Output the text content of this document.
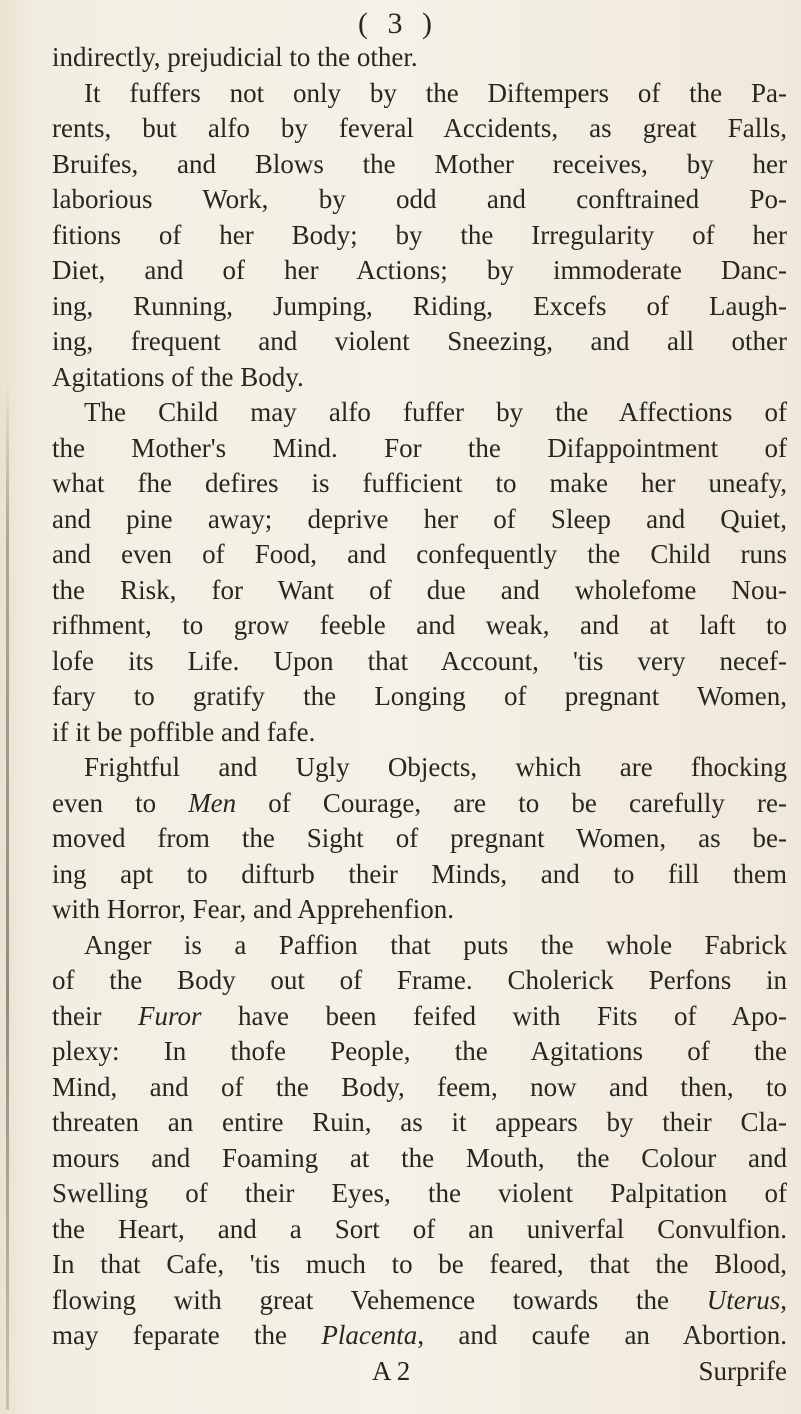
( 3 )
indirectly, prejudicial to the other.
It fuffers not only by the Diftempers of the Pa-
rents, but alfo by feveral Accidents, as great Falls,
Bruifes, and Blows the Mother receives, by her
laborious Work, by odd and conftrained Po-
fitions of her Body; by the Irregularity of her
Diet, and of her Actions; by immoderate Danc-
ing, Running, Jumping, Riding, Excefs of Laugh-
ing, frequent and violent Sneezing, and all other
Agitations of the Body.
The Child may alfo fuffer by the Affections of
the Mother's Mind. For the Difappointment of
what fhe defires is fufficient to make her uneafy,
and pine away; deprive her of Sleep and Quiet,
and even of Food, and confequently the Child runs
the Risk, for Want of due and wholefome Nou-
rifhment, to grow feeble and weak, and at laft to
lofe its Life. Upon that Account, 'tis very necef-
fary to gratify the Longing of pregnant Women,
if it be poffible and fafe.
Frightful and Ugly Objects, which are fhocking
even to Men of Courage, are to be carefully re-
moved from the Sight of pregnant Women, as be-
ing apt to difturb their Minds, and to fill them
with Horror, Fear, and Apprehenfion.
Anger is a Paffion that puts the whole Fabrick
of the Body out of Frame. Cholerick Perfons in
their Furor have been feifed with Fits of Apo-
plexy: In thofe People, the Agitations of the
Mind, and of the Body, feem, now and then, to
threaten an entire Ruin, as it appears by their Cla-
mours and Foaming at the Mouth, the Colour and
Swelling of their Eyes, the violent Palpitation of
the Heart, and a Sort of an univerfal Convulfion.
In that Cafe, 'tis much to be feared, that the Blood,
flowing with great Vehemence towards the Uterus,
may feparate the Placenta, and caufe an Abortion.
A 2	Surprife
